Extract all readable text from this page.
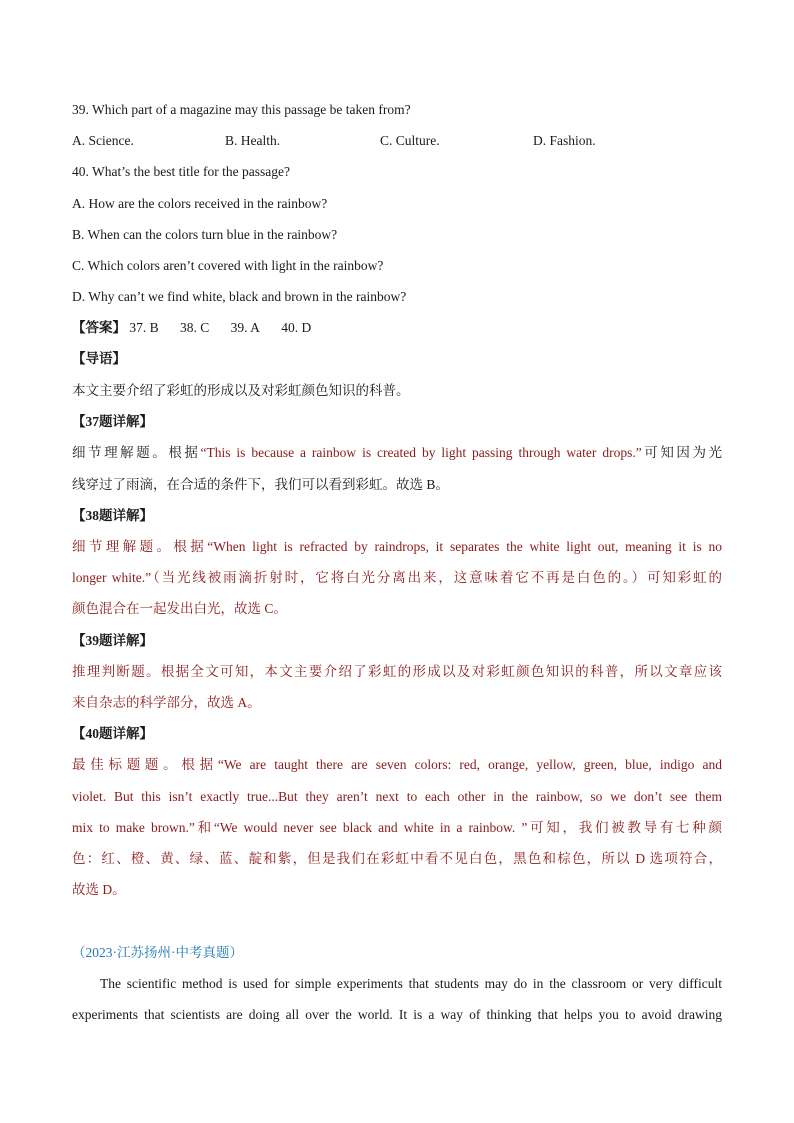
39. Which part of a magazine may this passage be taken from?
A. Science.	B. Health.	C. Culture.	D. Fashion.
40. What’s the best title for the passage?
A. How are the colors received in the rainbow?
B. When can the colors turn blue in the rainbow?
C. Which colors aren’t covered with light in the rainbow?
D. Why can’t we find white, black and brown in the rainbow?
【答案】 37. B 38. C 39. A 40. D
【导语】
本文主要介绍了彩虹的形成以及对彩虹颜色知识的科普。
【37题详解】
细节理解题。根据“This is because a rainbow is created by light passing through water drops.”可知因为光
线穿过了雨滴，在合适的条件下，我们可以看到彩虹。故选 B。
【38题详解】
细节理解题。根据“When light is refracted by raindrops, it separates the white light out, meaning it is no
longer white.”（当光线被雨滴折射时，它将白光分离出来，这意味着它不再是白色的。）可知彩虹的
颜色混合在一起发出白光，故选 C。
【39题详解】
推理判断题。根据全文可知，本文主要介绍了彩虹的形成以及对彩虹颜色知识的科普，所以文章应该
来自杂志的科学部分，故选 A。
【40题详解】
最佳标题题。根据“We are taught there are seven colors: red, orange, yellow, green, blue, indigo and
violet. But this isn’t exactly true...But they aren’t next to each other in the rainbow, so we don’t see them
mix to make brown.”和“We would never see black and white in a rainbow. ”可知，我们被教导有七种颜
色：红、橙、黄、绿、蓝、靛和紫，但是我们在彩虹中看不见白色，黑色和棕色，所以 D 选项符合，
故选 D。
（2023·江苏扬州·中考真题）
The scientific method is used for simple experiments that students may do in the classroom or very difficult
experiments that scientists are doing all over the world. It is a way of thinking that helps you to avoid drawing
